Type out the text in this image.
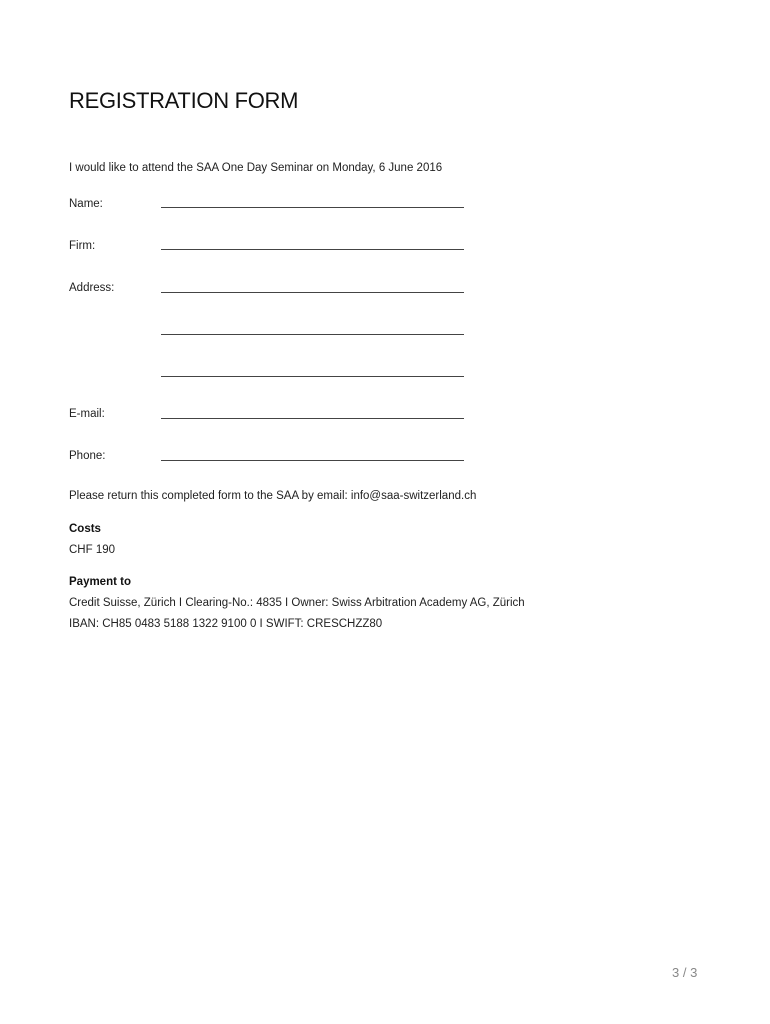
REGISTRATION FORM
I would like to attend the SAA One Day Seminar on Monday, 6 June 2016
Name:
Firm:
Address:
E-mail:
Phone:
Please return this completed form to the SAA by email: info@saa-switzerland.ch
Costs
CHF 190
Payment to
Credit Suisse, Zürich I Clearing-No.: 4835 I Owner: Swiss Arbitration Academy AG, Zürich
IBAN: CH85 0483 5188 1322 9100 0 I SWIFT: CRESCHZZ80
3 / 3
